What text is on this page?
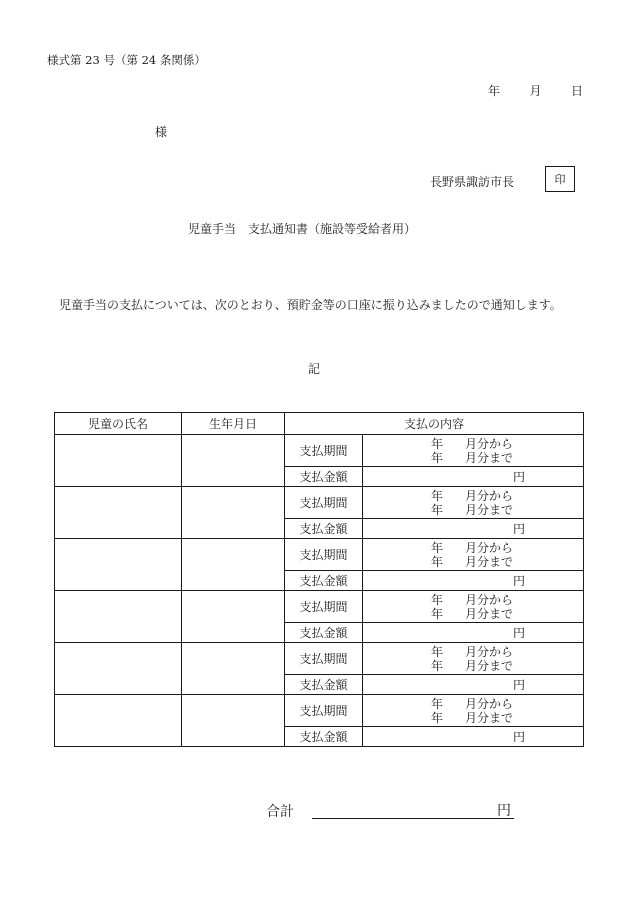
様式第 23 号（第 24 条関係）
年 月 日
様
長野県諏訪市長	印
児童手当　支払通知書（施設等受給者用）

児童手当の支払については、次のとおり、預貯金等の口座に振り込みましたので通知します。

記
児童の氏名	生年月日	支払の内容	
		支払期間	年 月分から
年 月分まで

		支払金額	円
		支払期間	年 月分から
年 月分まで

		支払金額	円
		支払期間	年 月分から
年 月分まで

		支払金額	円
		支払期間	年 月分から
年 月分まで

		支払金額	円
		支払期間	年 月分から
年 月分まで

		支払金額	円
		支払期間	年 月分から
年 月分まで

		支払金額	円
合計	円
